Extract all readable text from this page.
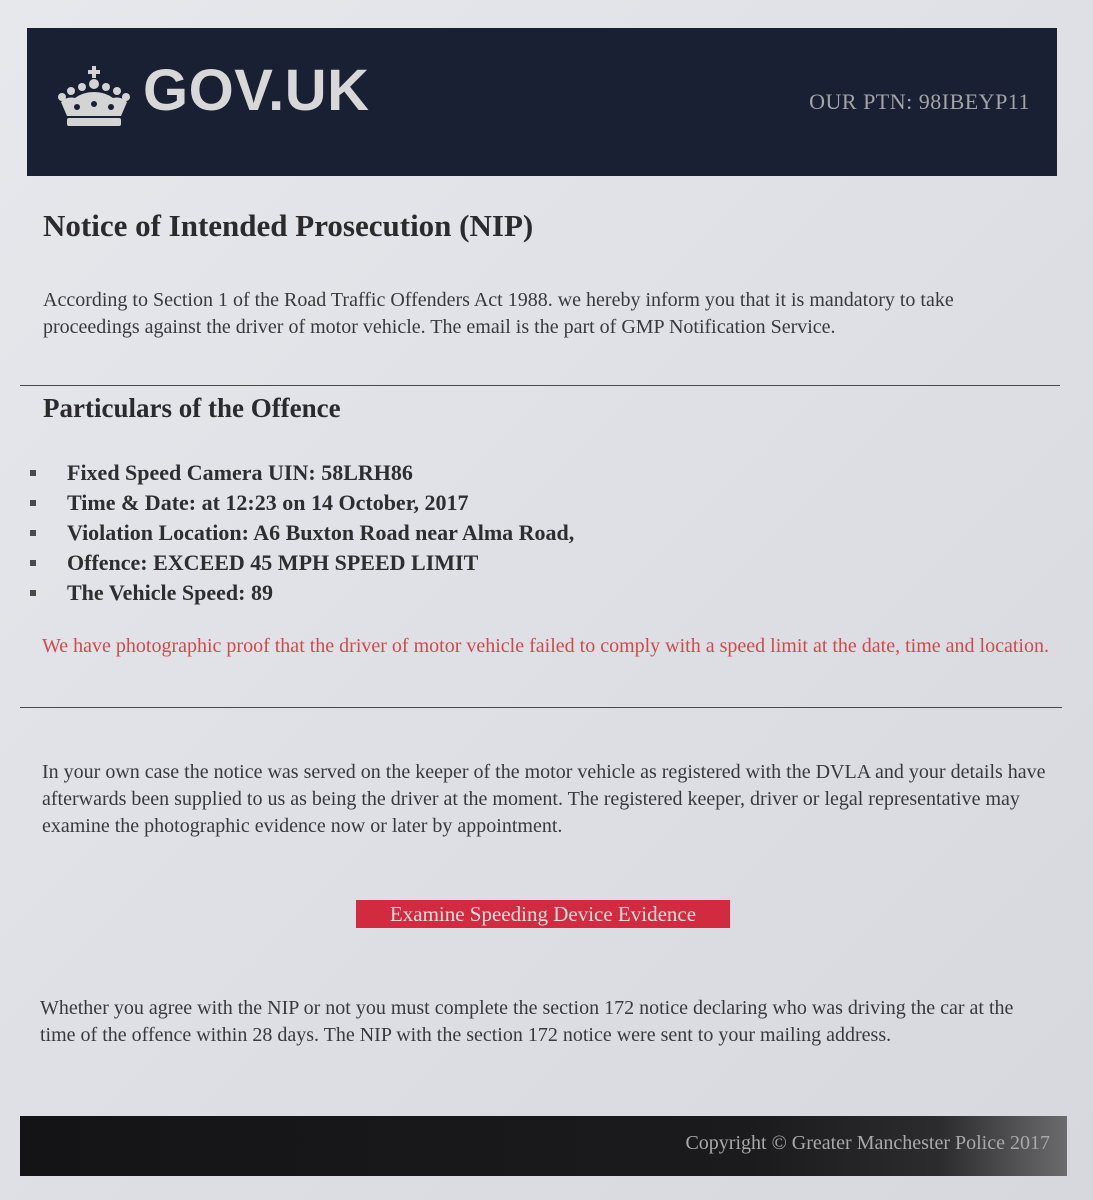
GOV.UK	OUR PTN: 98IBEYP11
Notice of Intended Prosecution (NIP)

According to Section 1 of the Road Traffic Offenders Act 1988. we hereby inform you that it is mandatory to take proceedings against the driver of motor vehicle. The email is the part of GMP Notification Service.

Particulars of the Offence
Fixed Speed Camera UIN: 58LRH86
Time & Date: at 12:23 on 14 October, 2017
Violation Location: A6 Buxton Road near Alma Road,
Offence: EXCEED 45 MPH SPEED LIMIT
The Vehicle Speed: 89

We have photographic proof that the driver of motor vehicle failed to comply with a speed limit at the date, time and location.

In your own case the notice was served on the keeper of the motor vehicle as registered with the DVLA and your details have afterwards been supplied to us as being the driver at the moment. The registered keeper, driver or legal representative may examine the photographic evidence now or later by appointment.

Examine Speeding Device Evidence

Whether you agree with the NIP or not you must complete the section 172 notice declaring who was driving the car at the time of the offence within 28 days. The NIP with the section 172 notice were sent to your mailing address.

Copyright © Greater Manchester Police 2017
